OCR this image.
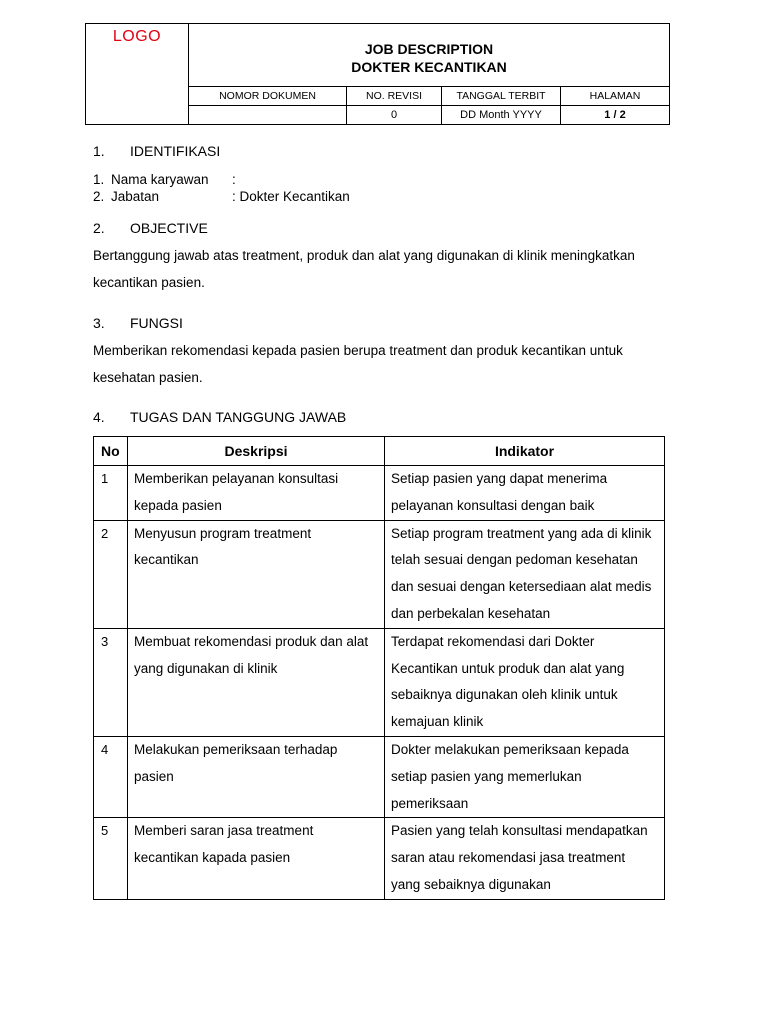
LOGO	JOB DESCRIPTION
DOKTER KECANTIKAN			

	NOMOR DOKUMEN	NO. REVISI	TANGGAL TERBIT	HALAMAN
		0	DD Month YYYY	1 / 2
1. IDENTIFIKASI
1. Nama karyawan :
2. Jabatan	: Dokter Kecantikan
2. OBJECTIVE
Bertanggung jawab atas treatment, produk dan alat yang digunakan di klinik meningkatkan kecantikan pasien.
3. FUNGSI
Memberikan rekomendasi kepada pasien berupa treatment dan produk kecantikan untuk kesehatan pasien.
4. TUGAS DAN TANGGUNG JAWAB
No	Deskripsi	Indikator
1	Memberikan pelayanan konsultasi kepada pasien	Setiap pasien yang dapat menerima pelayanan konsultasi dengan baik
2	Menyusun program treatment kecantikan	Setiap program treatment yang ada di klinik telah sesuai dengan pedoman kesehatan dan sesuai dengan ketersediaan alat medis dan perbekalan kesehatan
3	Membuat rekomendasi produk dan alat yang digunakan di klinik	Terdapat rekomendasi dari Dokter Kecantikan untuk produk dan alat yang sebaiknya digunakan oleh klinik untuk kemajuan klinik
4	Melakukan pemeriksaan terhadap pasien	Dokter melakukan pemeriksaan kepada setiap pasien yang memerlukan pemeriksaan
5	Memberi saran jasa treatment kecantikan kapada pasien	Pasien yang telah konsultasi mendapatkan saran atau rekomendasi jasa treatment yang sebaiknya digunakan
